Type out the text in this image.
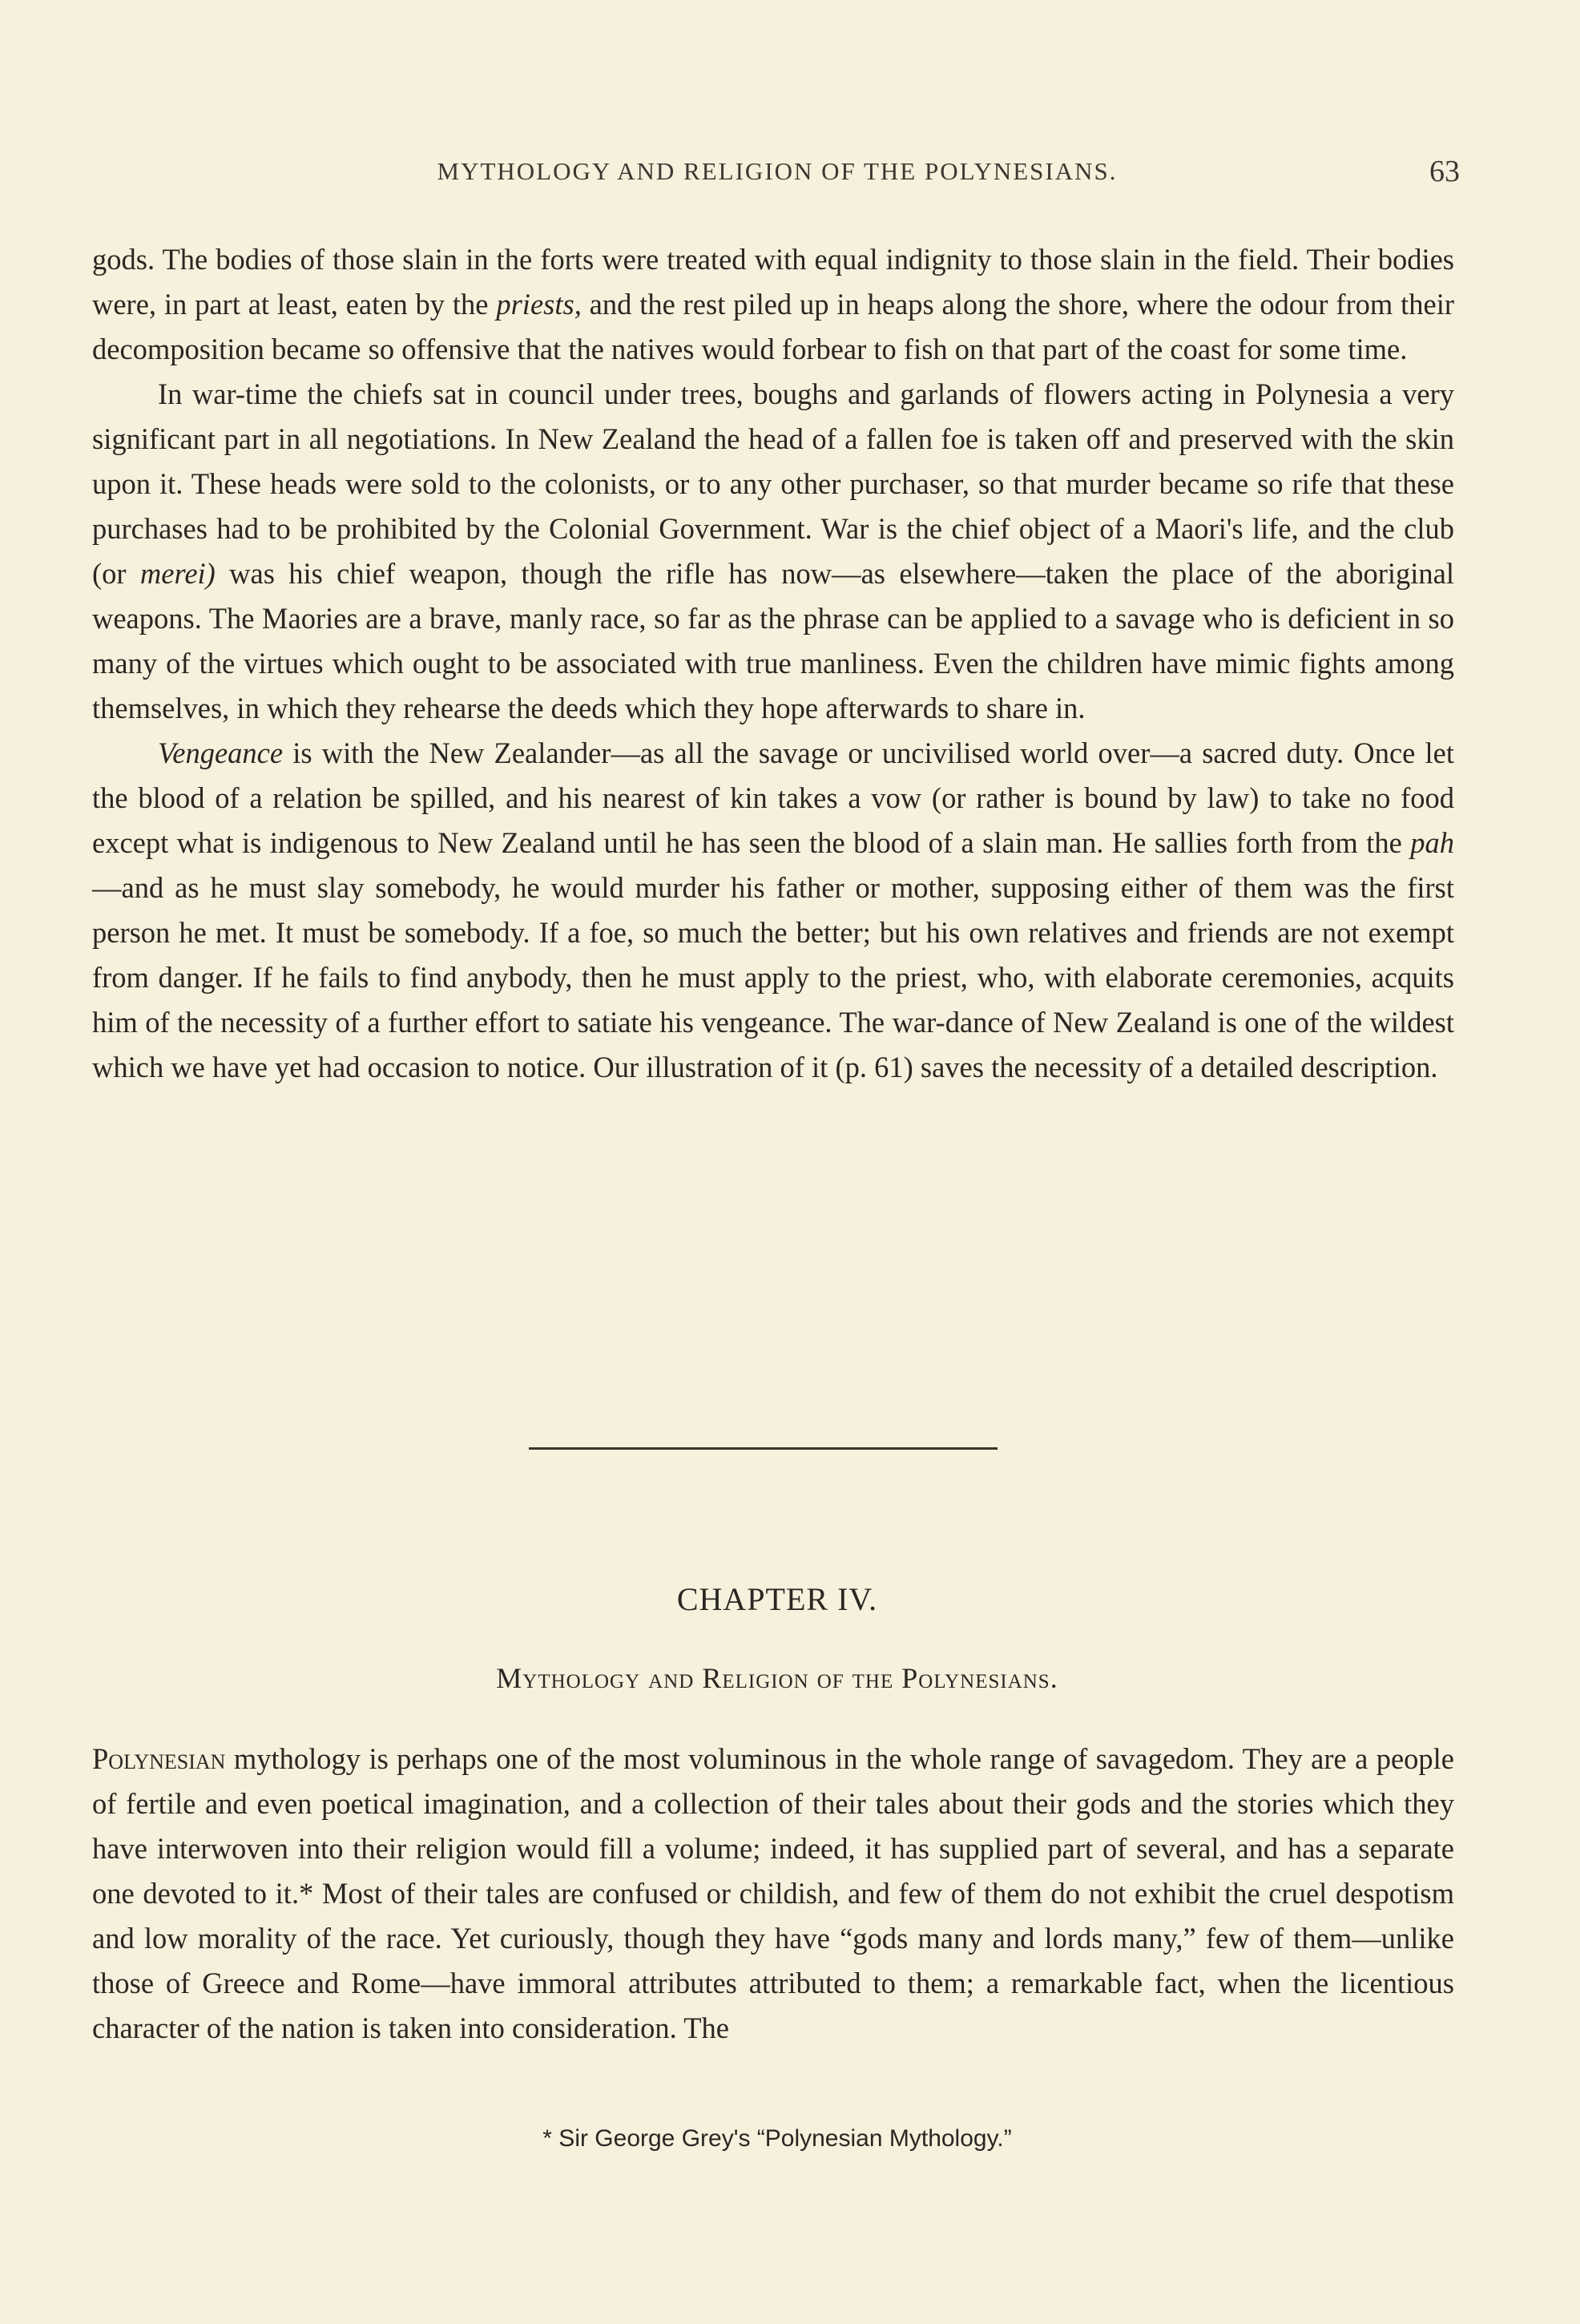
MYTHOLOGY AND RELIGION OF THE POLYNESIANS.	63

gods. The bodies of those slain in the forts were treated with equal indignity to those slain in the field. Their bodies were, in part at least, eaten by the priests, and the rest piled up in heaps along the shore, where the odour from their decomposition became so offensive that the natives would forbear to fish on that part of the coast for some time.

In war-time the chiefs sat in council under trees, boughs and garlands of flowers acting in Polynesia a very significant part in all negotiations. In New Zealand the head of a fallen foe is taken off and preserved with the skin upon it. These heads were sold to the colonists, or to any other purchaser, so that murder became so rife that these purchases had to be prohibited by the Colonial Government. War is the chief object of a Maori's life, and the club (or merei) was his chief weapon, though the rifle has now—as elsewhere—taken the place of the aboriginal weapons. The Maories are a brave, manly race, so far as the phrase can be applied to a savage who is deficient in so many of the virtues which ought to be associated with true manliness. Even the children have mimic fights among themselves, in which they rehearse the deeds which they hope afterwards to share in.

Vengeance is with the New Zealander—as all the savage or uncivilised world over—a sacred duty. Once let the blood of a relation be spilled, and his nearest of kin takes a vow (or rather is bound by law) to take no food except what is indigenous to New Zealand until he has seen the blood of a slain man. He sallies forth from the pah—and as he must slay somebody, he would murder his father or mother, supposing either of them was the first person he met. It must be somebody. If a foe, so much the better; but his own relatives and friends are not exempt from danger. If he fails to find anybody, then he must apply to the priest, who, with elaborate ceremonies, acquits him of the necessity of a further effort to satiate his vengeance. The war-dance of New Zealand is one of the wildest which we have yet had occasion to notice. Our illustration of it (p. 61) saves the necessity of a detailed description.

CHAPTER IV.
Mythology and Religion of the Polynesians.

Polynesian mythology is perhaps one of the most voluminous in the whole range of savagedom. They are a people of fertile and even poetical imagination, and a collection of their tales about their gods and the stories which they have interwoven into their religion would fill a volume; indeed, it has supplied part of several, and has a separate one devoted to it.* Most of their tales are confused or childish, and few of them do not exhibit the cruel despotism and low morality of the race. Yet curiously, though they have “gods many and lords many,” few of them—unlike those of Greece and Rome—have immoral attributes attributed to them; a remarkable fact, when the licentious character of the nation is taken into consideration. The

* Sir George Grey's “Polynesian Mythology.”
